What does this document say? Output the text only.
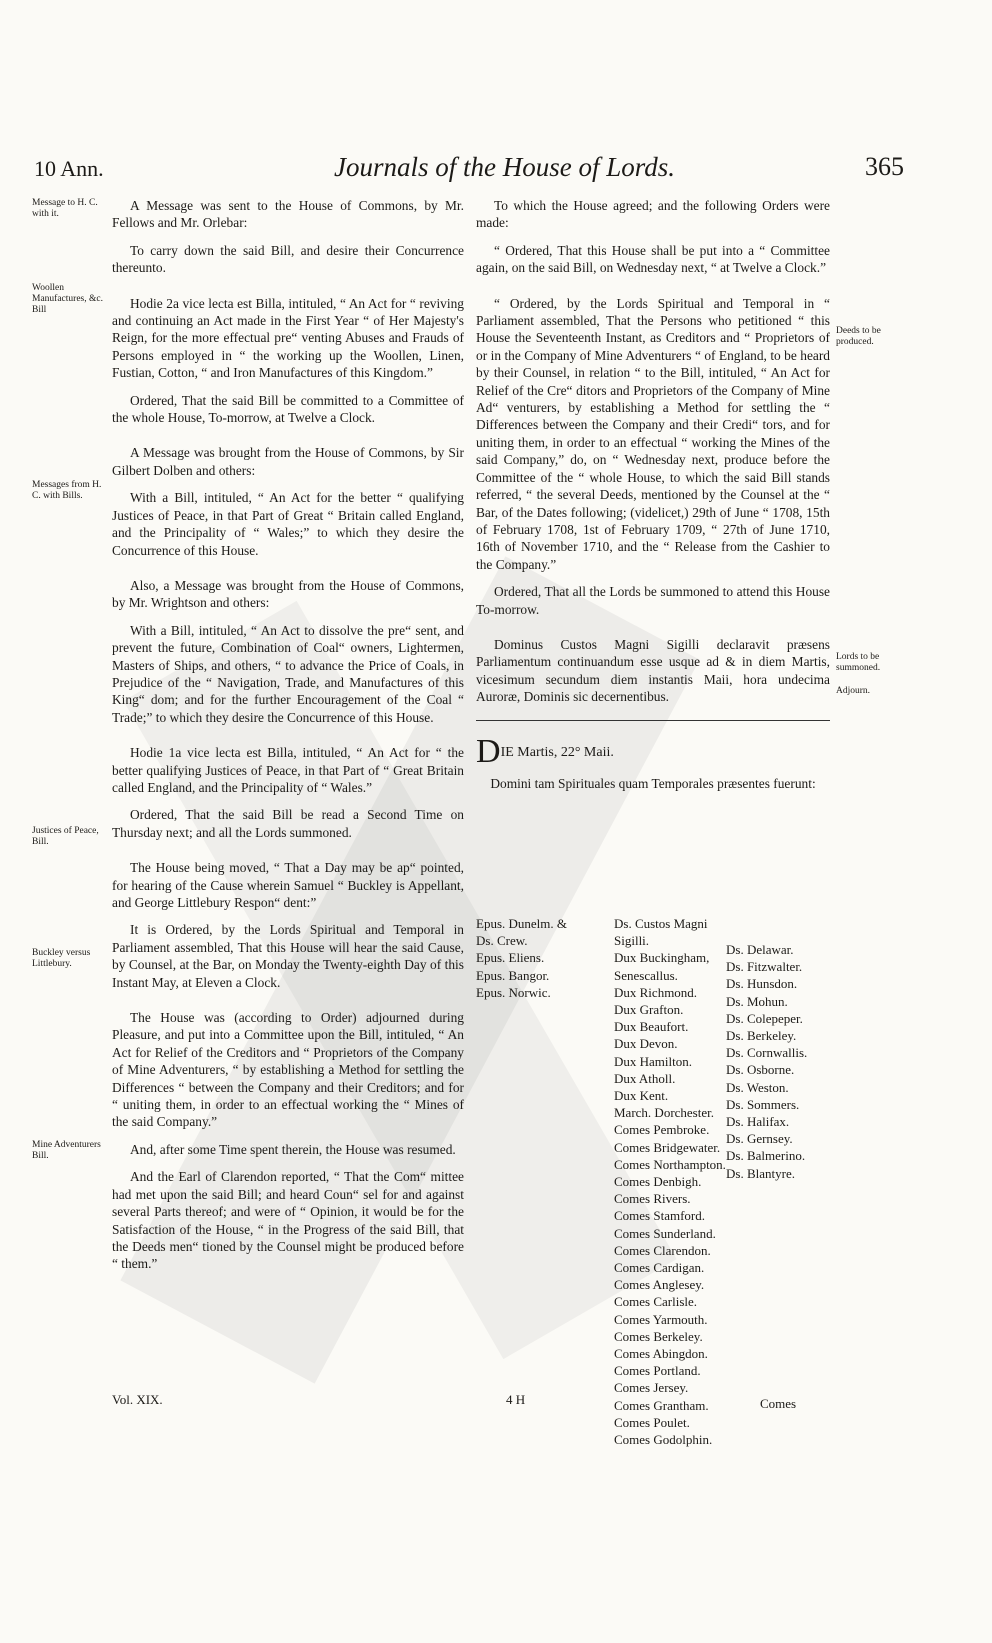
10 Ann.	Journals of the House of Lords.	365
Message to H. C. with it.
Woollen Manufactures, &c. Bill
Messages from H. C. with Bills.
Justices of Peace, Bill.
Buckley versus Littlebury.
Mine Adventurers Bill.
Deeds to be produced.
Lords to be summoned.
Adjourn.

A Message was sent to the House of Commons, by Mr. Fellows and Mr. Orlebar:

To carry down the said Bill, and desire their Concurrence thereunto.

Hodie 2a vice lecta est Billa, intituled, “ An Act for “ reviving and continuing an Act made in the First Year “ of Her Majesty's Reign, for the more effectual pre“ venting Abuses and Frauds of Persons employed in “ the working up the Woollen, Linen, Fustian, Cotton, “ and Iron Manufactures of this Kingdom.”

Ordered, That the said Bill be committed to a Committee of the whole House, To-morrow, at Twelve a Clock.

A Message was brought from the House of Commons, by Sir Gilbert Dolben and others:

With a Bill, intituled, “ An Act for the better “ qualifying Justices of Peace, in that Part of Great “ Britain called England, and the Principality of “ Wales;” to which they desire the Concurrence of this House.

Also, a Message was brought from the House of Commons, by Mr. Wrightson and others:

With a Bill, intituled, “ An Act to dissolve the pre“ sent, and prevent the future, Combination of Coal“ owners, Lightermen, Masters of Ships, and others, “ to advance the Price of Coals, in Prejudice of the “ Navigation, Trade, and Manufactures of this King“ dom; and for the further Encouragement of the Coal “ Trade;” to which they desire the Concurrence of this House.

Hodie 1a vice lecta est Billa, intituled, “ An Act for “ the better qualifying Justices of Peace, in that Part of “ Great Britain called England, and the Principality of “ Wales.”

Ordered, That the said Bill be read a Second Time on Thursday next; and all the Lords summoned.

The House being moved, “ That a Day may be ap“ pointed, for hearing of the Cause wherein Samuel “ Buckley is Appellant, and George Littlebury Respon“ dent:”

It is Ordered, by the Lords Spiritual and Temporal in Parliament assembled, That this House will hear the said Cause, by Counsel, at the Bar, on Monday the Twenty-eighth Day of this Instant May, at Eleven a Clock.

The House was (according to Order) adjourned during Pleasure, and put into a Committee upon the Bill, intituled, “ An Act for Relief of the Creditors and “ Proprietors of the Company of Mine Adventurers, “ by establishing a Method for settling the Differences “ between the Company and their Creditors; and for “ uniting them, in order to an effectual working the “ Mines of the said Company.”

And, after some Time spent therein, the House was resumed.

And the Earl of Clarendon reported, “ That the Com“ mittee had met upon the said Bill; and heard Coun“ sel for and against several Parts thereof; and were of “ Opinion, it would be for the Satisfaction of the House, “ in the Progress of the said Bill, that the Deeds men“ tioned by the Counsel might be produced before “ them.”

To which the House agreed; and the following Orders were made:

“ Ordered, That this House shall be put into a “ Committee again, on the said Bill, on Wednesday next, “ at Twelve a Clock.”

“ Ordered, by the Lords Spiritual and Temporal in “ Parliament assembled, That the Persons who petitioned “ this House the Seventeenth Instant, as Creditors and “ Proprietors of or in the Company of Mine Adventurers “ of England, to be heard by their Counsel, in relation “ to the Bill, intituled, “ An Act for Relief of the Cre“ ditors and Proprietors of the Company of Mine Ad“ venturers, by establishing a Method for settling the “ Differences between the Company and their Credi“ tors, and for uniting them, in order to an effectual “ working the Mines of the said Company,” do, on “ Wednesday next, produce before the Committee of the “ whole House, to which the said Bill stands referred, “ the several Deeds, mentioned by the Counsel at the “ Bar, of the Dates following; (videlicet,) 29th of June “ 1708, 15th of February 1708, 1st of February 1709, “ 27th of June 1710, 16th of November 1710, and the “ Release from the Cashier to the Company.”

Ordered, That all the Lords be summoned to attend this House To-morrow.

Dominus Custos Magni Sigilli declaravit præsens Parliamentum continuandum esse usque ad & in diem Martis, vicesimum secundum diem instantis Maii, hora undecima Auroræ, Dominis sic decernentibus.

DIE Martis, 22° Maii.
Domini tam Spirituales quam Temporales præsentes fuerunt:
Epus. Dunelm. &
Ds. Crew.
Epus. Eliens.
Epus. Bangor.
Epus. Norwic.
Ds. Custos Magni
Sigilli.
Dux Buckingham,
Senescallus.
Dux Richmond.
Dux Grafton.
Dux Beaufort.
Dux Devon.
Dux Hamilton.
Dux Atholl.
Dux Kent.
March. Dorchester.
Comes Pembroke.
Comes Bridgewater.
Comes Northampton.
Comes Denbigh.
Comes Rivers.
Comes Stamford.
Comes Sunderland.
Comes Clarendon.
Comes Cardigan.
Comes Anglesey.
Comes Carlisle.
Comes Yarmouth.
Comes Berkeley.
Comes Abingdon.
Comes Portland.
Comes Jersey.
Comes Grantham.
Comes Poulet.
Comes Godolphin.
Ds. Delawar.
Ds. Fitzwalter.
Ds. Hunsdon.
Ds. Mohun.
Ds. Colepeper.
Ds. Berkeley.
Ds. Cornwallis.
Ds. Osborne.
Ds. Weston.
Ds. Sommers.
Ds. Halifax.
Ds. Gernsey.
Ds. Balmerino.
Ds. Blantyre.
Vol. XIX.	4 H	Comes
